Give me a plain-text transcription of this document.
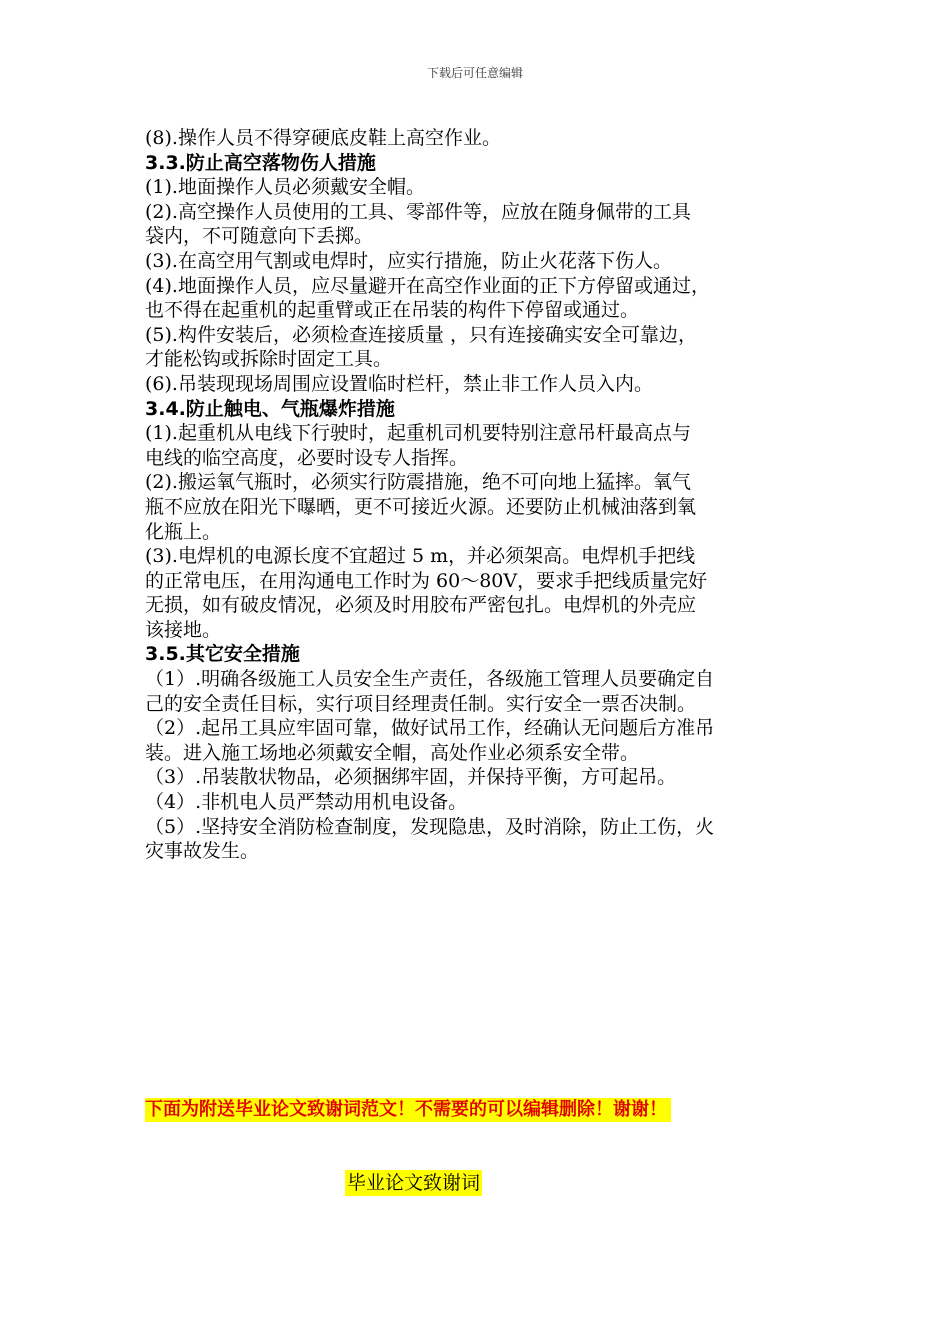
下载后可任意编辑
(8).操作人员不得穿硬底皮鞋上高空作业。
3.3.防止高空落物伤人措施
(1).地面操作人员必须戴安全帽。
(2).高空操作人员使用的工具、零部件等，应放在随身佩带的工具
袋内，不可随意向下丢掷。
(3).在高空用气割或电焊时，应实行措施，防止火花落下伤人。
(4).地面操作人员，应尽量避开在高空作业面的正下方停留或通过，
也不得在起重机的起重臂或正在吊装的构件下停留或通过。
(5).构件安装后，必须检查连接质量 ，只有连接确实安全可靠边，
才能松钩或拆除时固定工具。
(6).吊装现现场周围应设置临时栏杆，禁止非工作人员入内。
3.4.防止触电、气瓶爆炸措施
(1).起重机从电线下行驶时，起重机司机要特别注意吊杆最高点与
电线的临空高度，必要时设专人指挥。
(2).搬运氧气瓶时，必须实行防震措施，绝不可向地上猛摔。氧气
瓶不应放在阳光下曝晒，更不可接近火源。还要防止机械油落到氧
化瓶上。
(3).电焊机的电源长度不宜超过 5 m，并必须架高。电焊机手把线
的正常电压，在用沟通电工作时为 60～80V，要求手把线质量完好
无损，如有破皮情况，必须及时用胶布严密包扎。电焊机的外壳应
该接地。
3.5.其它安全措施
（1）.明确各级施工人员安全生产责任，各级施工管理人员要确定自
己的安全责任目标，实行项目经理责任制。实行安全一票否决制。
（2）.起吊工具应牢固可靠，做好试吊工作，经确认无问题后方准吊
装。进入施工场地必须戴安全帽，高处作业必须系安全带。
（3）.吊装散状物品，必须捆绑牢固，并保持平衡，方可起吊。
（4）.非机电人员严禁动用机电设备。
（5）.坚持安全消防检查制度，发现隐患，及时消除，防止工伤，火
灾事故发生。
下面为附送毕业论文致谢词范文！不需要的可以编辑删除！谢谢！
毕业论文致谢词
